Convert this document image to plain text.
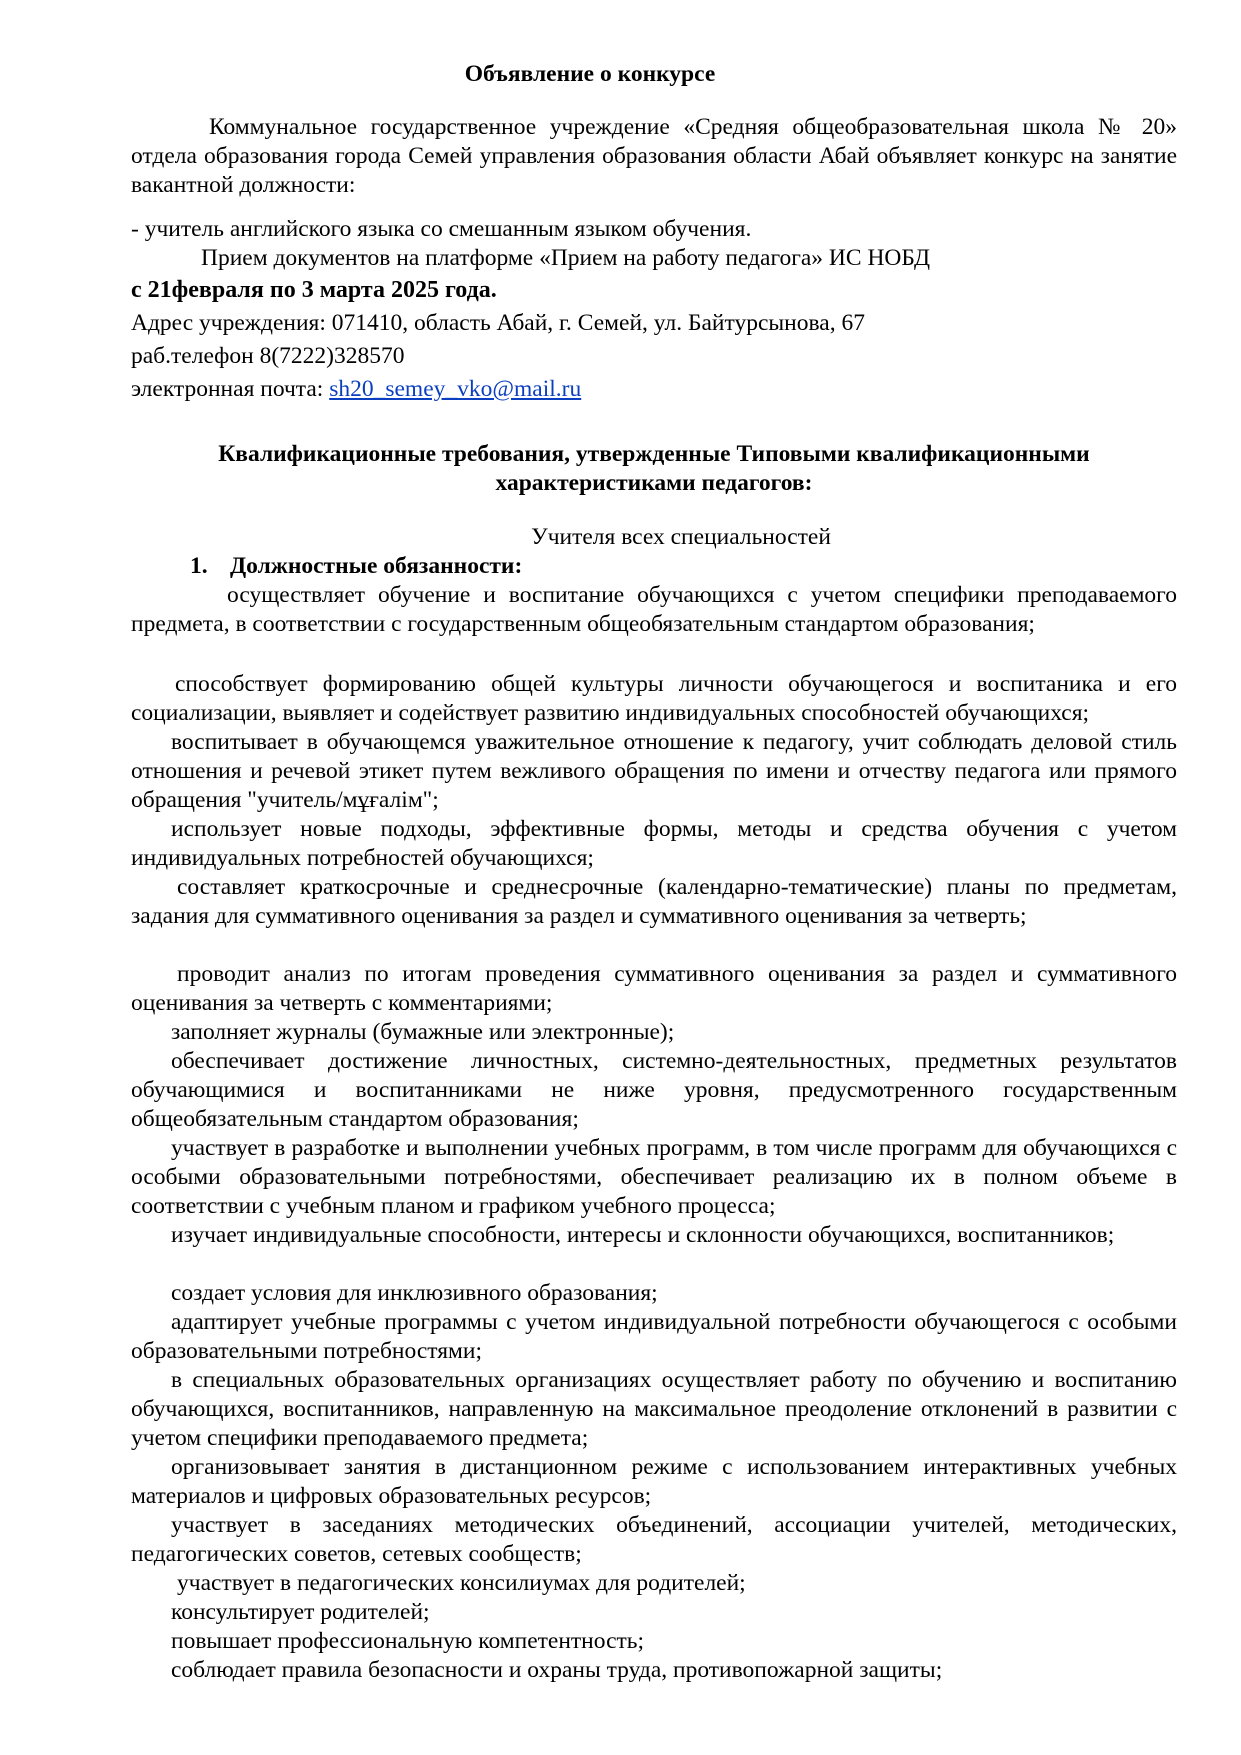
Объявление о конкурсе
Коммунальное государственное учреждение «Средняя общеобразовательная школа № 20» отдела образования города Семей управления образования области Абай объявляет конкурс на занятие вакантной должности:
- учитель английского языка со смешанным языком обучения.
Прием документов на платформе «Прием на работу педагога» ИС НОБД
с 21февраля по 3 марта 2025 года.
Адрес учреждения: 071410, область Абай, г. Семей, ул. Байтурсынова, 67
раб.телефон 8(7222)328570
электронная почта: sh20_semey_vko@mail.ru
Квалификационные требования, утвержденные Типовыми квалификационными
характеристиками педагогов:
Учителя всех специальностей
1. Должностные обязанности:
осуществляет обучение и воспитание обучающихся с учетом специфики преподаваемого предмета, в соответствии с государственным общеобязательным стандартом образования;
способствует формированию общей культуры личности обучающегося и воспитаника и его социализации, выявляет и содействует развитию индивидуальных способностей обучающихся;
воспитывает в обучающемся уважительное отношение к педагогу, учит соблюдать деловой стиль отношения и речевой этикет путем вежливого обращения по имени и отчеству педагога или прямого обращения "учитель/мұғалім";
использует новые подходы, эффективные формы, методы и средства обучения с учетом индивидуальных потребностей обучающихся;
составляет краткосрочные и среднесрочные (календарно-тематические) планы по предметам, задания для суммативного оценивания за раздел и суммативного оценивания за четверть;
проводит анализ по итогам проведения суммативного оценивания за раздел и суммативного оценивания за четверть с комментариями;
заполняет журналы (бумажные или электронные);
обеспечивает достижение личностных, системно-деятельностных, предметных результатов обучающимися и воспитанниками не ниже уровня, предусмотренного государственным общеобязательным стандартом образования;
участвует в разработке и выполнении учебных программ, в том числе программ для обучающихся с особыми образовательными потребностями, обеспечивает реализацию их в полном объеме в соответствии с учебным планом и графиком учебного процесса;
изучает индивидуальные способности, интересы и склонности обучающихся, воспитанников;
создает условия для инклюзивного образования;
адаптирует учебные программы с учетом индивидуальной потребности обучающегося с особыми образовательными потребностями;
в специальных образовательных организациях осуществляет работу по обучению и воспитанию обучающихся, воспитанников, направленную на максимальное преодоление отклонений в развитии с учетом специфики преподаваемого предмета;
организовывает занятия в дистанционном режиме с использованием интерактивных учебных материалов и цифровых образовательных ресурсов;
участвует в заседаниях методических объединений, ассоциации учителей, методических, педагогических советов, сетевых сообществ;
участвует в педагогических консилиумах для родителей;
консультирует родителей;
повышает профессиональную компетентность;
соблюдает правила безопасности и охраны труда, противопожарной защиты;
